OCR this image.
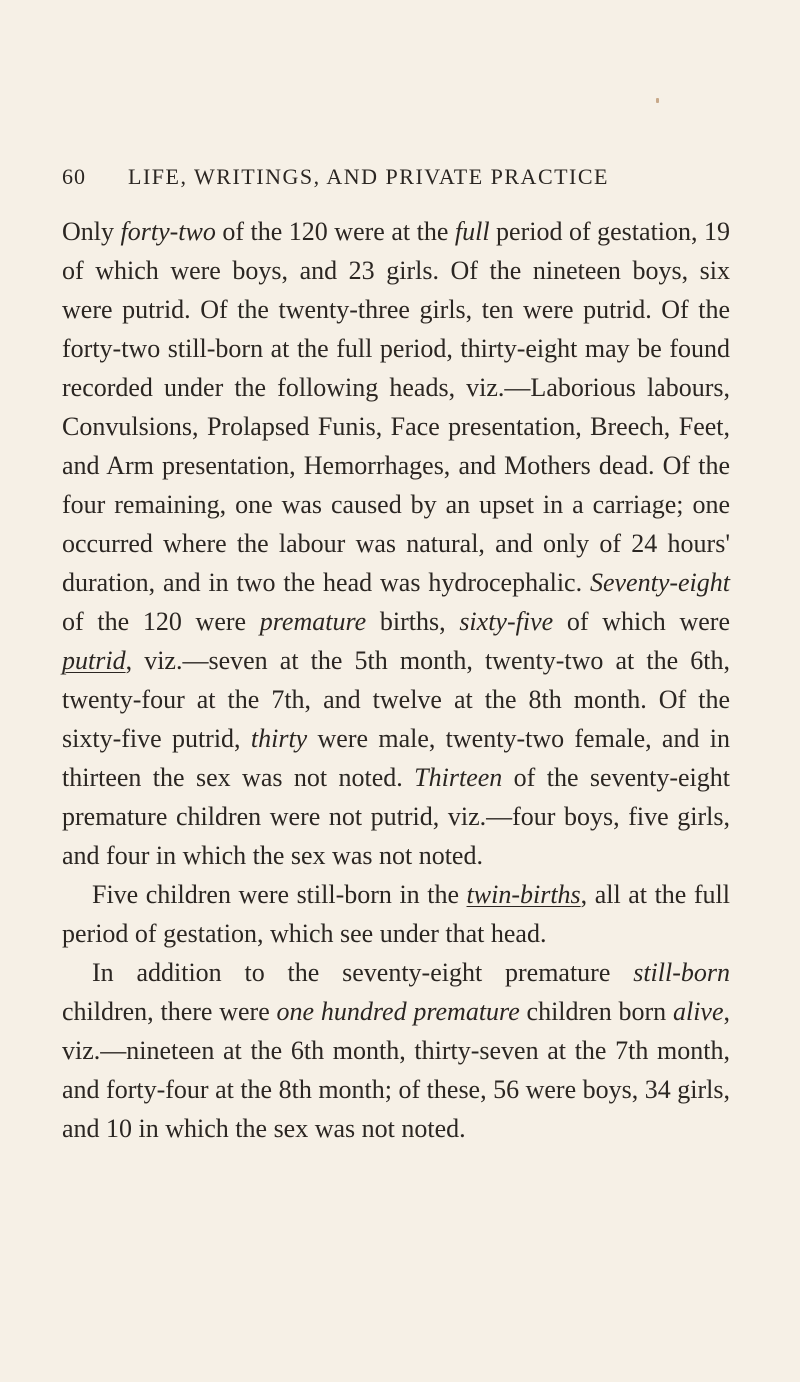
60 LIFE, WRITINGS, AND PRIVATE PRACTICE

Only forty-two of the 120 were at the full period of gestation, 19 of which were boys, and 23 girls. Of the nineteen boys, six were putrid. Of the twenty-three girls, ten were putrid. Of the forty-two still-born at the full period, thirty-eight may be found recorded under the following heads, viz.—Laborious labours, Convulsions, Prolapsed Funis, Face presentation, Breech, Feet, and Arm presentation, Hemorrhages, and Mothers dead. Of the four remaining, one was caused by an upset in a carriage; one occurred where the labour was natural, and only of 24 hours' duration, and in two the head was hydrocephalic. Seventy-eight of the 120 were premature births, sixty-five of which were putrid, viz.—seven at the 5th month, twenty-two at the 6th, twenty-four at the 7th, and twelve at the 8th month. Of the sixty-five putrid, thirty were male, twenty-two female, and in thirteen the sex was not noted. Thirteen of the seventy-eight premature children were not putrid, viz.—four boys, five girls, and four in which the sex was not noted.

Five children were still-born in the twin-births, all at the full period of gestation, which see under that head.

In addition to the seventy-eight premature still-born children, there were one hundred premature children born alive, viz.—nineteen at the 6th month, thirty-seven at the 7th month, and forty-four at the 8th month; of these, 56 were boys, 34 girls, and 10 in which the sex was not noted.
